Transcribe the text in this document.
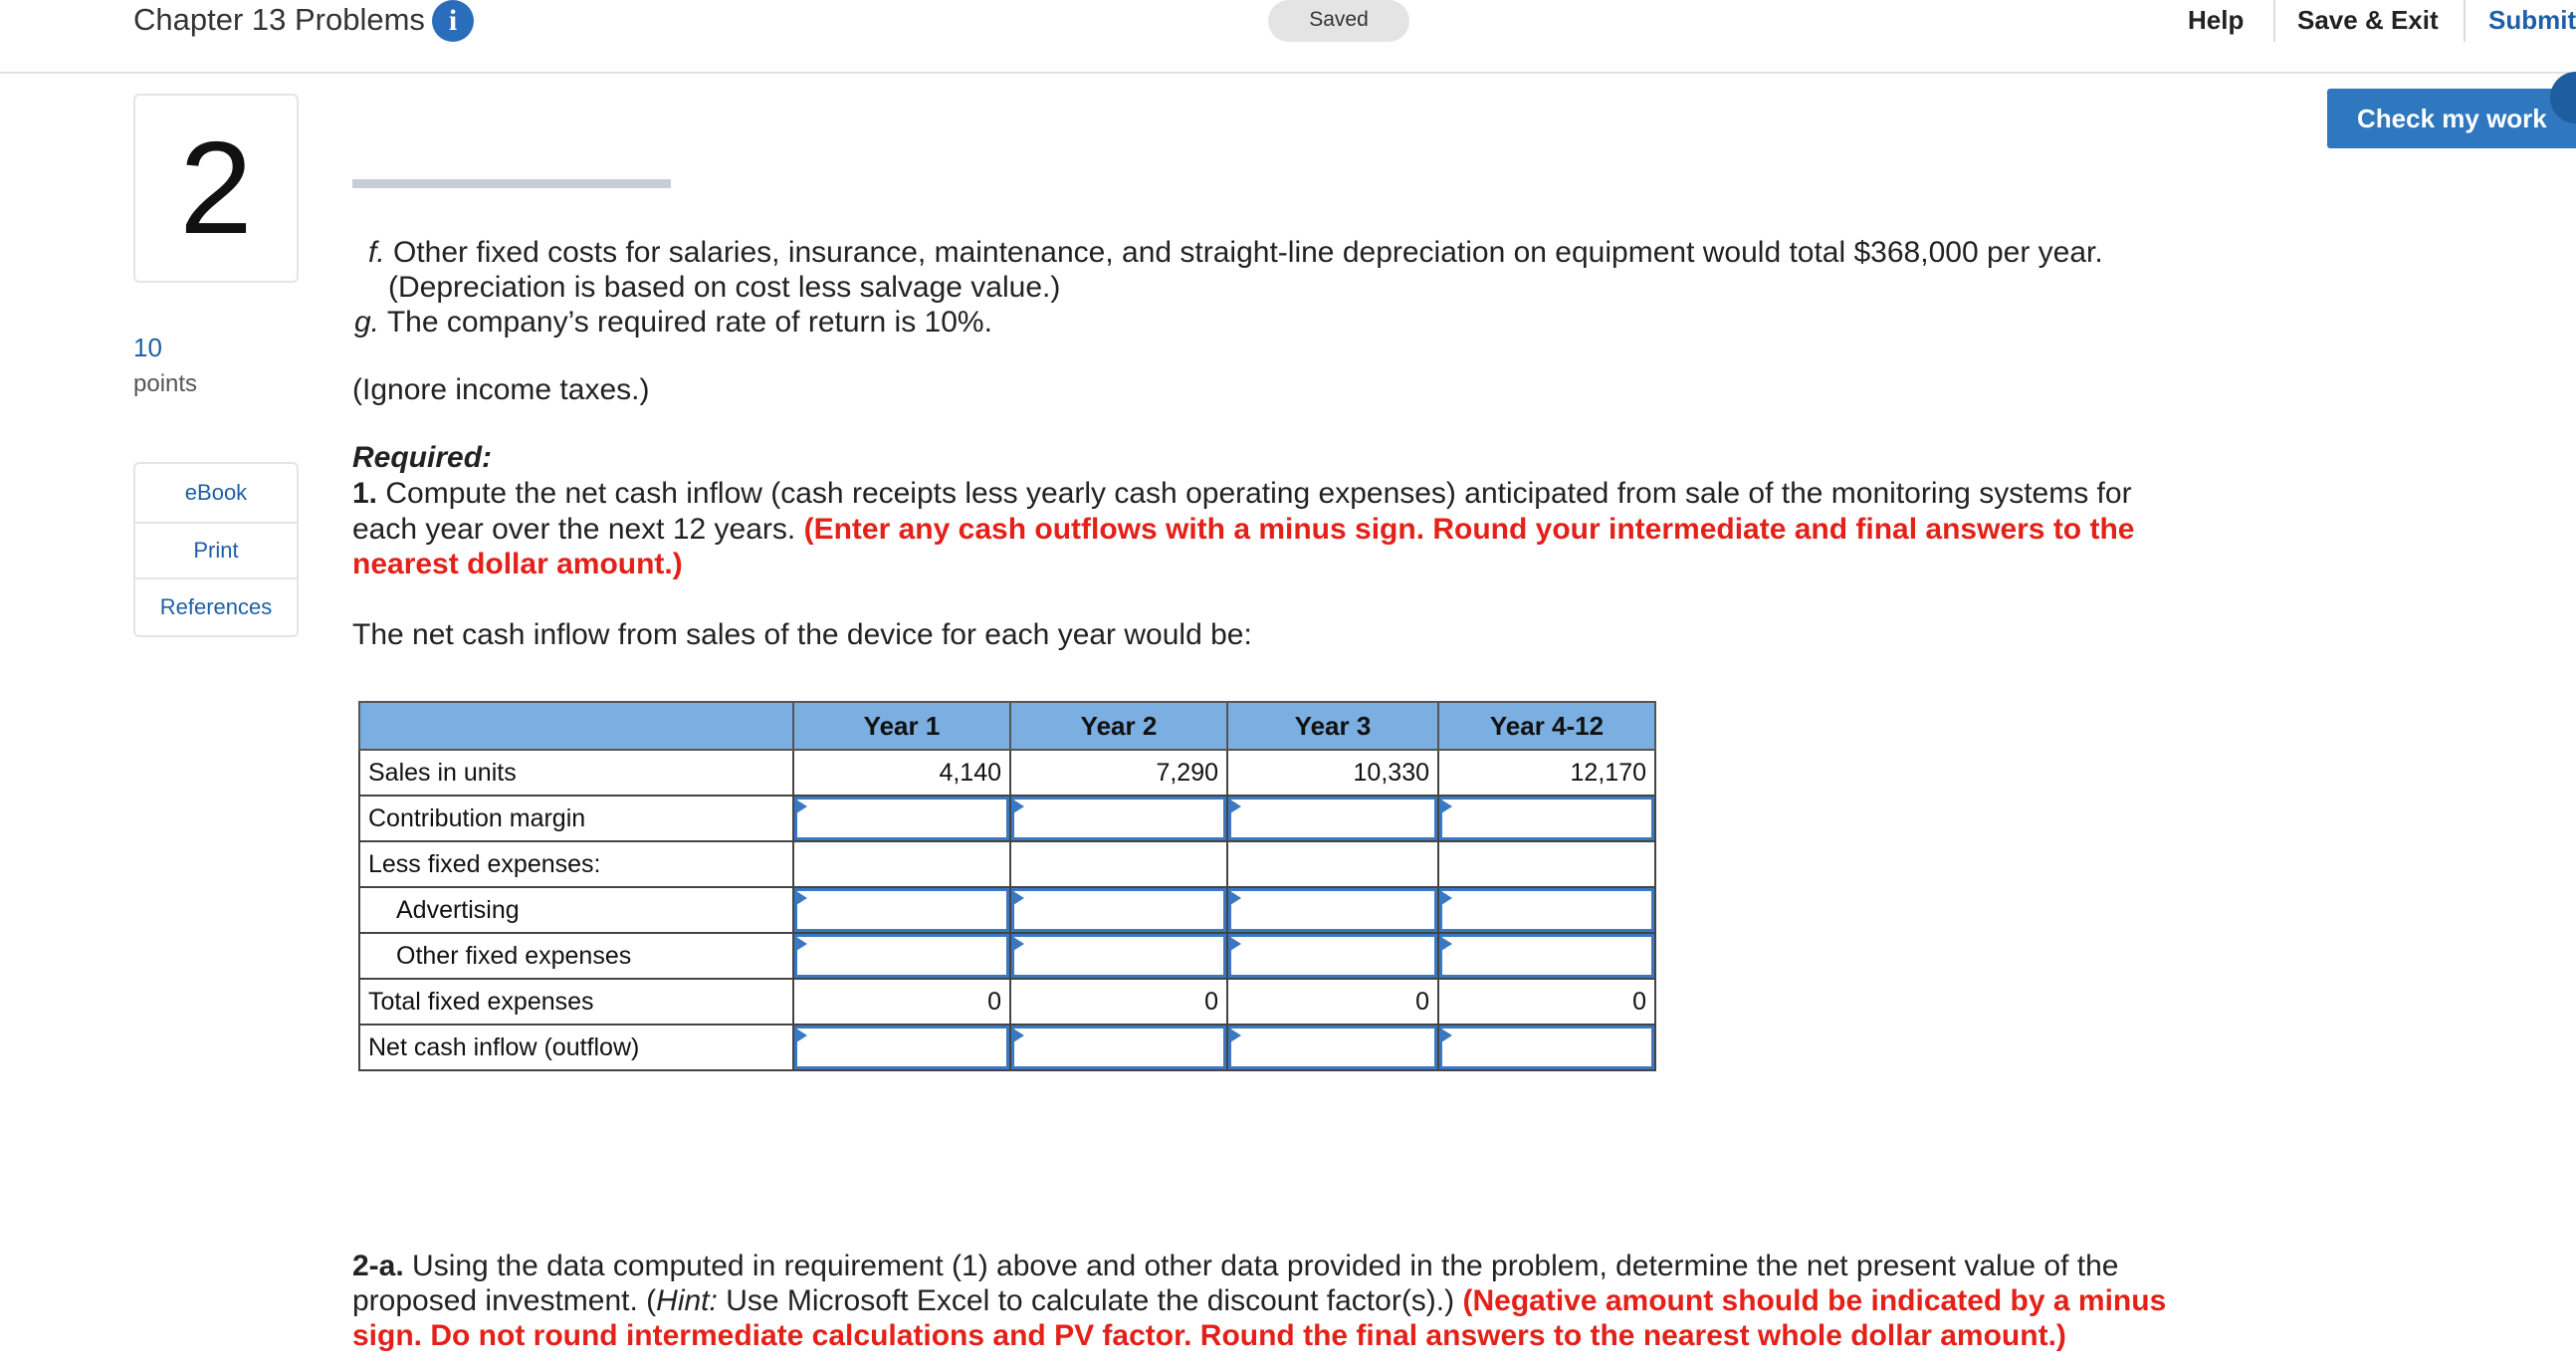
Chapter 13 Problems i	Saved	Help Save & Exit Submit
2
10
points
eBook
Print
References
Check my work
f. Other fixed costs for salaries, insurance, maintenance, and straight-line depreciation on equipment would total $368,000 per year.
(Depreciation is based on cost less salvage value.)
g. The company’s required rate of return is 10%.
(Ignore income taxes.)
Required:
1. Compute the net cash inflow (cash receipts less yearly cash operating expenses) anticipated from sale of the monitoring systems for
each year over the next 12 years. (Enter any cash outflows with a minus sign. Round your intermediate and final answers to the
nearest dollar amount.)
The net cash inflow from sales of the device for each year would be:
	Year 1	Year 2	Year 3	Year 4-12
Sales in units	4,140	7,290	10,330	12,170
Contribution margin	

Less fixed expenses:				
Advertising	

Other fixed expenses	

Total fixed expenses	0	0	0	0
Net cash inflow (outflow)	

2-a. Using the data computed in requirement (1) above and other data provided in the problem, determine the net present value of the
proposed investment. (Hint: Use Microsoft Excel to calculate the discount factor(s).) (Negative amount should be indicated by a minus
sign. Do not round intermediate calculations and PV factor. Round the final answers to the nearest whole dollar amount.)
